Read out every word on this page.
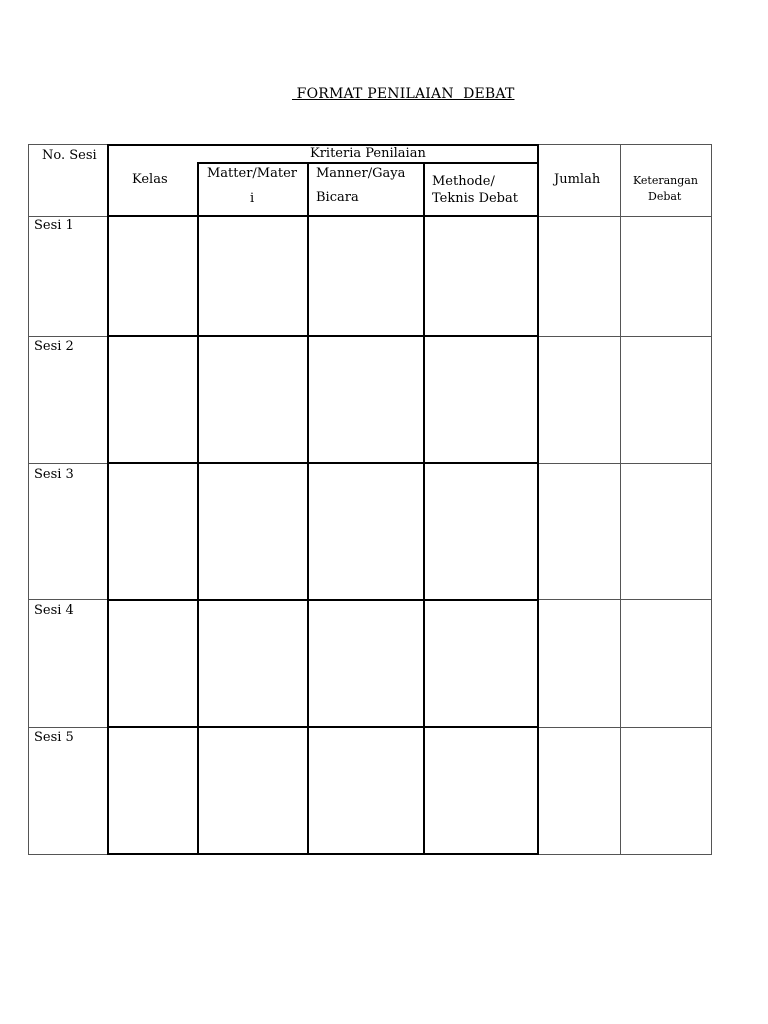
FORMAT PENILAIAN  DEBAT
No. Sesi
Kelas
Kriteria Penilaian
Matter/Mater
i
Manner/Gaya
Bicara
Methode/
Teknis Debat
Jumlah	Keterangan
Debat
Sesi 1
Sesi 2
Sesi 3
Sesi 4
Sesi 5
